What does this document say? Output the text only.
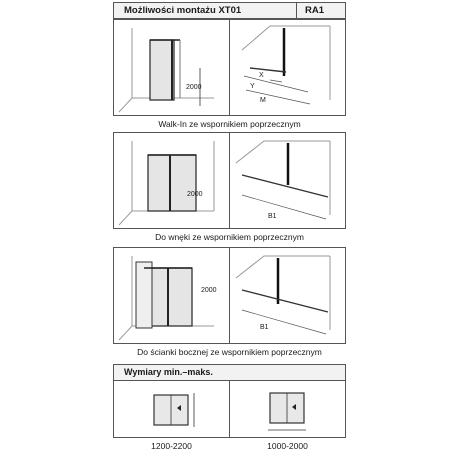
Możliwości montażu XT01	RA1
2000
X
Y
M
Walk-In ze wspornikiem poprzecznym
2000
B1
Do wnęki ze wspornikiem poprzecznym
2000
B1
Do ścianki bocznej ze wspornikiem poprzecznym
Wymiary min.–maks.
1200-2200	1000-2000
